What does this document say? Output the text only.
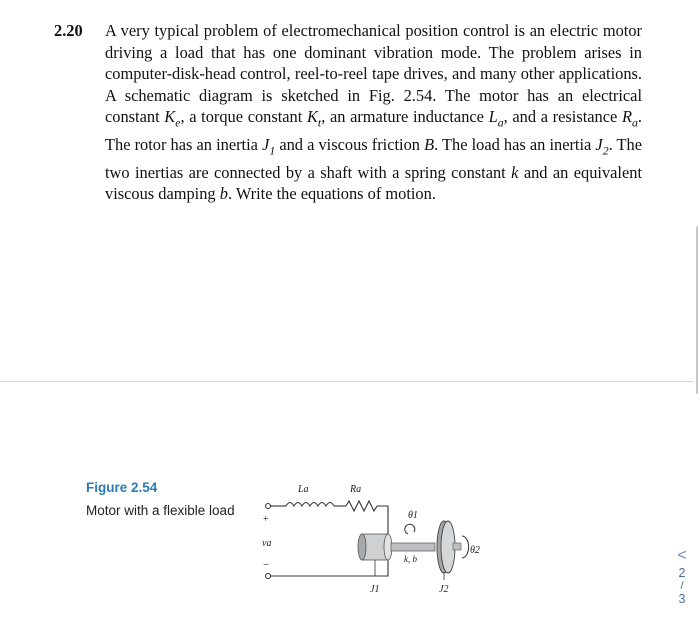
2.20 A very typical problem of electromechanical position control is an electric motor driving a load that has one dominant vibration mode. The problem arises in computer-disk-head control, reel-to-reel tape drives, and many other applications. A schematic diagram is sketched in Fig. 2.54. The motor has an electrical constant $K_e$, a torque constant $K_t$, an armature inductance $L_a$, and a resistance $R_a$. The rotor has an inertia $J_1$ and a viscous friction B. The load has an inertia $J_2$. The two inertias are connected by a shaft with a spring constant k and an equivalent viscous damping b. Write the equations of motion.
Figure 2.54
Motor with a flexible load
La	Ra
+
va
−
θ1
θ2
k, b
J1	J2
<
2
/
3
